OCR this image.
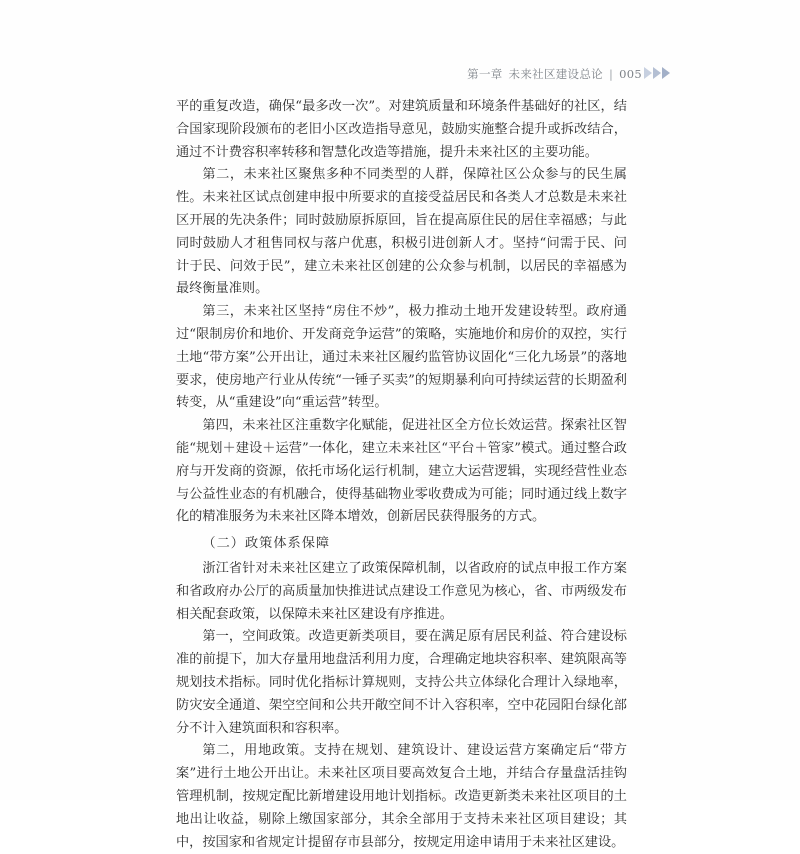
第一章 未来社区建设总论 | 005

平的重复改造，确保“最多改一次”。对建筑质量和环境条件基础好的社区，结合国家现阶段颁布的老旧小区改造指导意见，鼓励实施整合提升或拆改结合，通过不计费容积率转移和智慧化改造等措施，提升未来社区的主要功能。

第二，未来社区聚焦多种不同类型的人群，保障社区公众参与的民生属性。未来社区试点创建申报中所要求的直接受益居民和各类人才总数是未来社区开展的先决条件；同时鼓励原拆原回，旨在提高原住民的居住幸福感；与此同时鼓励人才租售同权与落户优惠，积极引进创新人才。坚持“问需于民、问计于民、问效于民”，建立未来社区创建的公众参与机制，以居民的幸福感为最终衡量准则。

第三，未来社区坚持“房住不炒”，极力推动土地开发建设转型。政府通过“限制房价和地价、开发商竞争运营”的策略，实施地价和房价的双控，实行土地“带方案”公开出让，通过未来社区履约监管协议固化“三化九场景”的落地要求，使房地产行业从传统“一锤子买卖”的短期暴利向可持续运营的长期盈利转变，从“重建设”向“重运营”转型。

第四，未来社区注重数字化赋能，促进社区全方位长效运营。探索社区智能“规划＋建设＋运营”一体化，建立未来社区“平台＋管家”模式。通过整合政府与开发商的资源，依托市场化运行机制，建立大运营逻辑，实现经营性业态与公益性业态的有机融合，使得基础物业零收费成为可能；同时通过线上数字化的精准服务为未来社区降本增效，创新居民获得服务的方式。

（二）政策体系保障

浙江省针对未来社区建立了政策保障机制，以省政府的试点申报工作方案和省政府办公厅的高质量加快推进试点建设工作意见为核心，省、市两级发布相关配套政策，以保障未来社区建设有序推进。

第一，空间政策。改造更新类项目，要在满足原有居民利益、符合建设标准的前提下，加大存量用地盘活利用力度，合理确定地块容积率、建筑限高等规划技术指标。同时优化指标计算规则，支持公共立体绿化合理计入绿地率，防灾安全通道、架空空间和公共开敞空间不计入容积率，空中花园阳台绿化部分不计入建筑面积和容积率。

第二，用地政策。支持在规划、建筑设计、建设运营方案确定后“带方案”进行土地公开出让。未来社区项目要高效复合土地，并结合存量盘活挂钩管理机制，按规定配比新增建设用地计划指标。改造更新类未来社区项目的土地出让收益，剔除上缴国家部分，其余全部用于支持未来社区项目建设；其中，按国家和省规定计提留存市县部分，按规定用途申请用于未来社区建设。
